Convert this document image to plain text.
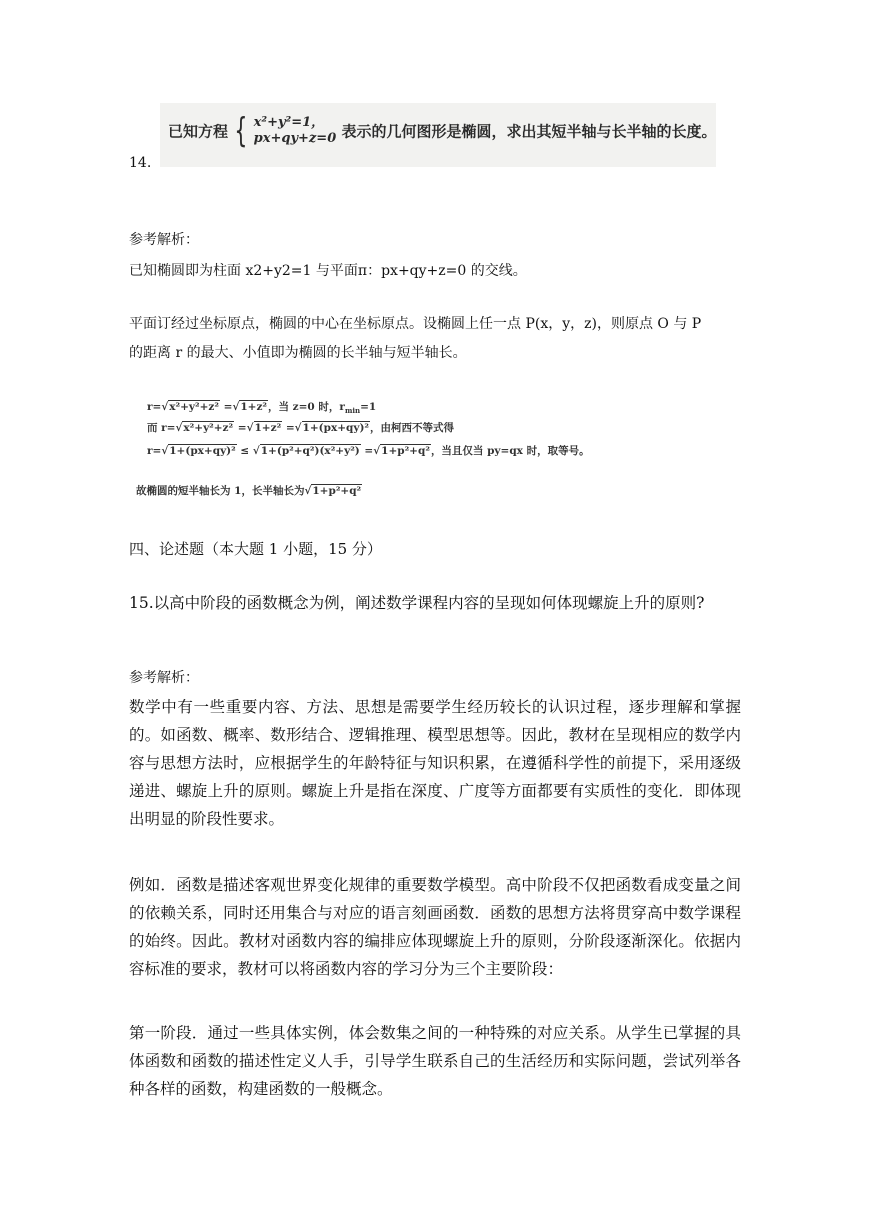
已知方程 { x²+y²=1，
px+qy+z=0 表示的几何图形是椭圆，求出其短半轴与长半轴的长度。
14.
参考解析：
已知椭圆即为柱面 x2+y2=1 与平面π：px+qy+z=0 的交线。
平面订经过坐标原点，椭圆的中心在坐标原点。设椭圆上任一点 P(x，y，z)，则原点 O 与 P
的距离 r 的最大、小值即为椭圆的长半轴与短半轴长。
r=√x²+y²+z² =√1+z²，当 z=0 时，$r_{min}=1$
而 r=√x²+y²+z² =√1+z² =√1+(px+qy)²，由柯西不等式得
r=√1+(px+qy)² ≤ √1+(p²+q²)(x²+y²) =√1+p²+q²，当且仅当 py=qx 时，取等号。
故椭圆的短半轴长为 1，长半轴长为√1+p²+q²
四、论述题（本大题 1 小题，15 分）
15.以高中阶段的函数概念为例，阐述数学课程内容的呈现如何体现螺旋上升的原则?
参考解析：
数学中有一些重要内容、方法、思想是需要学生经历较长的认识过程，逐步理解和掌握的。如函数、概率、数形结合、逻辑推理、模型思想等。因此，教材在呈现相应的数学内容与思想方法时，应根据学生的年龄特征与知识积累，在遵循科学性的前提下，采用逐级递进、螺旋上升的原则。螺旋上升是指在深度、广度等方面都要有实质性的变化．即体现出明显的阶段性要求。
例如．函数是描述客观世界变化规律的重要数学模型。高中阶段不仅把函数看成变量之间的依赖关系，同时还用集合与对应的语言刻画函数．函数的思想方法将贯穿高中数学课程的始终。因此。教材对函数内容的编排应体现螺旋上升的原则，分阶段逐渐深化。依据内容标准的要求，教材可以将函数内容的学习分为三个主要阶段：
第一阶段．通过一些具体实例，体会数集之间的一种特殊的对应关系。从学生已掌握的具体函数和函数的描述性定义人手，引导学生联系自己的生活经历和实际问题，尝试列举各种各样的函数，构建函数的一般概念。
